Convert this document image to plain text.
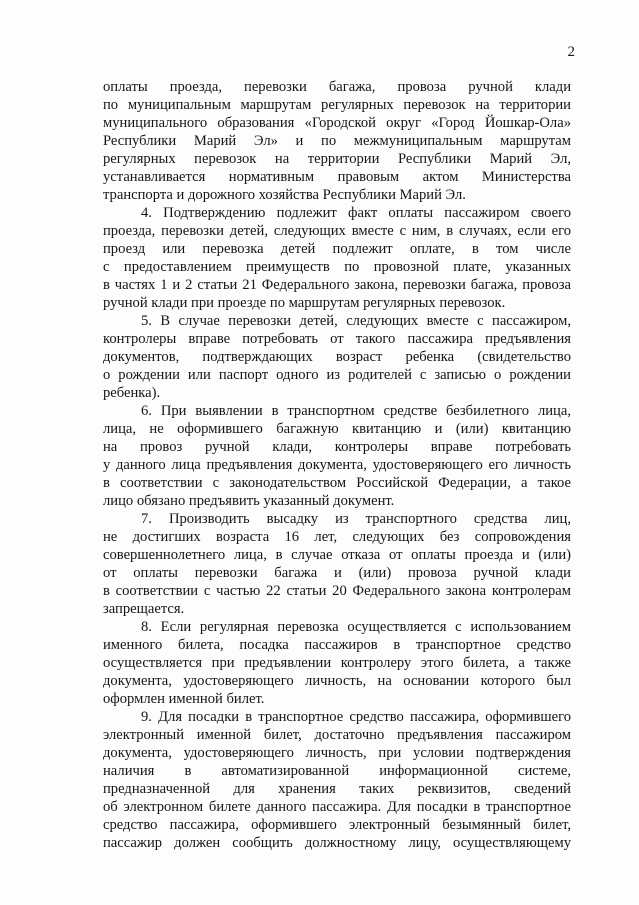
2
оплаты проезда, перевозки багажа, провоза ручной клади
по муниципальным маршрутам регулярных перевозок на территории
муниципального образования «Городской округ «Город Йошкар-Ола»
Республики Марий Эл» и по межмуниципальным маршрутам
регулярных перевозок на территории Республики Марий Эл,
устанавливается нормативным правовым актом Министерства
транспорта и дорожного хозяйства Республики Марий Эл.
4. Подтверждению подлежит факт оплаты пассажиром своего
проезда, перевозки детей, следующих вместе с ним, в случаях, если его
проезд или перевозка детей подлежит оплате, в том числе
с предоставлением преимуществ по провозной плате, указанных
в частях 1 и 2 статьи 21 Федерального закона, перевозки багажа, провоза
ручной клади при проезде по маршрутам регулярных перевозок.
5. В случае перевозки детей, следующих вместе с пассажиром,
контролеры вправе потребовать от такого пассажира предъявления
документов, подтверждающих возраст ребенка (свидетельство
о рождении или паспорт одного из родителей с записью о рождении
ребенка).
6. При выявлении в транспортном средстве безбилетного лица,
лица, не оформившего багажную квитанцию и (или) квитанцию
на провоз ручной клади, контролеры вправе потребовать
у данного лица предъявления документа, удостоверяющего его личность
в соответствии с законодательством Российской Федерации, а такое
лицо обязано предъявить указанный документ.
7. Производить высадку из транспортного средства лиц,
не достигших возраста 16 лет, следующих без сопровождения
совершеннолетнего лица, в случае отказа от оплаты проезда и (или)
от оплаты перевозки багажа и (или) провоза ручной клади
в соответствии с частью 22 статьи 20 Федерального закона контролерам
запрещается.
8. Если регулярная перевозка осуществляется с использованием
именного билета, посадка пассажиров в транспортное средство
осуществляется при предъявлении контролеру этого билета, а также
документа, удостоверяющего личность, на основании которого был
оформлен именной билет.
9. Для посадки в транспортное средство пассажира, оформившего
электронный именной билет, достаточно предъявления пассажиром
документа, удостоверяющего личность, при условии подтверждения
наличия в автоматизированной информационной системе,
предназначенной для хранения таких реквизитов, сведений
об электронном билете данного пассажира. Для посадки в транспортное
средство пассажира, оформившего электронный безымянный билет,
пассажир должен сообщить должностному лицу, осуществляющему
